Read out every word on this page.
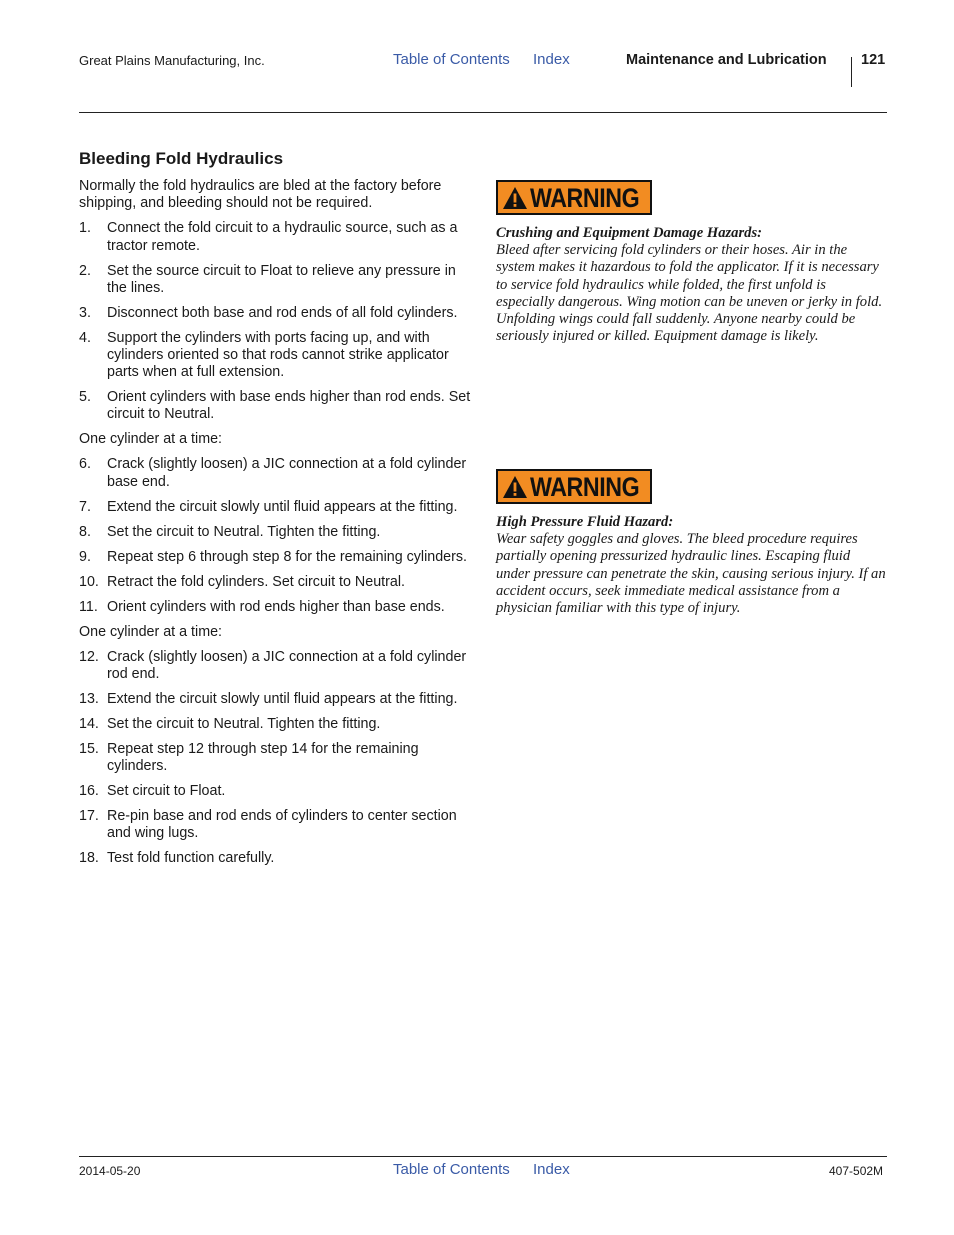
Great Plains Manufacturing, Inc.	Table of Contents Index	Maintenance and Lubrication 121
Bleeding Fold Hydraulics
Normally the fold hydraulics are bled at the factory before shipping, and bleeding should not be required.
1.	Connect the fold circuit to a hydraulic source, such as a tractor remote.
2.	Set the source circuit to Float to relieve any pressure in the lines.
3.	Disconnect both base and rod ends of all fold cylinders.
4.	Support the cylinders with ports facing up, and with cylinders oriented so that rods cannot strike applicator parts when at full extension.
5.	Orient cylinders with base ends higher than rod ends. Set circuit to Neutral.
One cylinder at a time:
6.	Crack (slightly loosen) a JIC connection at a fold cylinder base end.
7.	Extend the circuit slowly until fluid appears at the fitting.
8.	Set the circuit to Neutral. Tighten the fitting.
9.	Repeat step 6 through step 8 for the remaining cylinders.
10. Retract the fold cylinders. Set circuit to Neutral.
11. Orient cylinders with rod ends higher than base ends.
One cylinder at a time:
12. Crack (slightly loosen) a JIC connection at a fold cylinder rod end.
13. Extend the circuit slowly until fluid appears at the fitting.
14. Set the circuit to Neutral. Tighten the fitting.
15. Repeat step 12 through step 14 for the remaining cylinders.
16. Set circuit to Float.
17. Re-pin base and rod ends of cylinders to center section and wing lugs.
18. Test fold function carefully.
WARNING
Crushing and Equipment Damage Hazards:
Bleed after servicing fold cylinders or their hoses. Air in the system makes it hazardous to fold the applicator. If it is necessary to service fold hydraulics while folded, the first unfold is especially dangerous. Wing motion can be uneven or jerky in fold. Unfolding wings could fall suddenly. Anyone nearby could be seriously injured or killed. Equipment damage is likely.
WARNING
High Pressure Fluid Hazard:
Wear safety goggles and gloves. The bleed procedure requires partially opening pressurized hydraulic lines. Escaping fluid under pressure can penetrate the skin, causing serious injury. If an accident occurs, seek immediate medical assistance from a physician familiar with this type of injury.
2014-05-20	Table of Contents Index	407-502M
